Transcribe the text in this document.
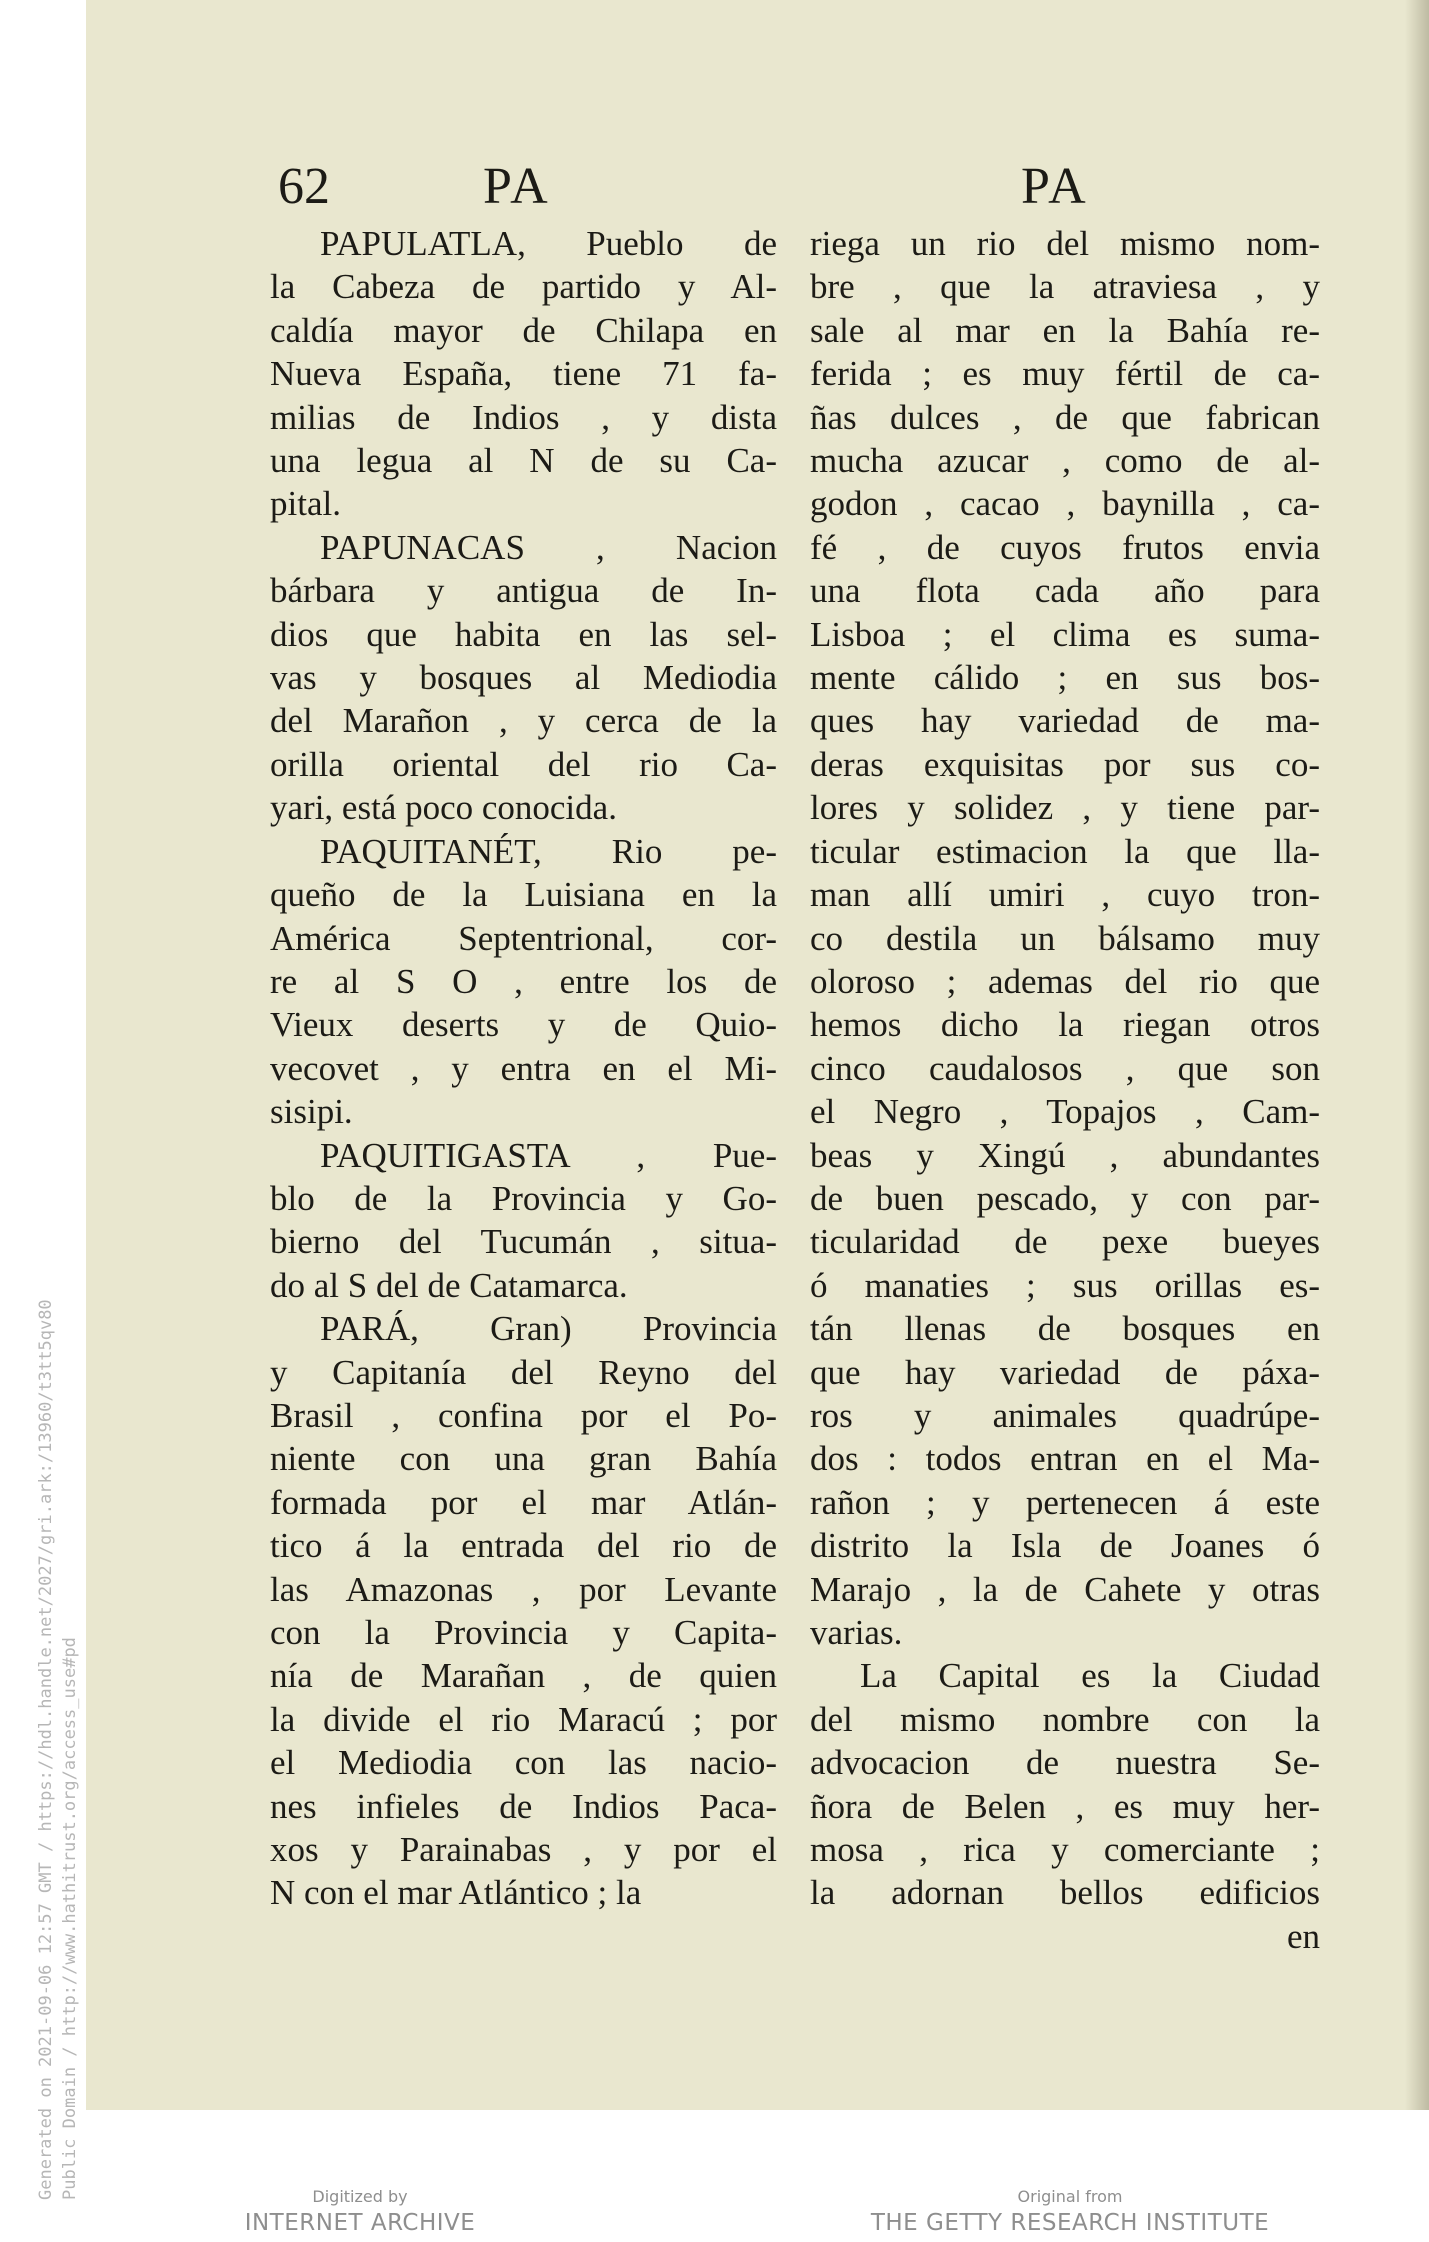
Generated on 2021-09-06 12:57 GMT / https://hdl.handle.net/2027/gri.ark:/13960/t3tt5qv80 Public Domain / http://www.hathitrust.org/access_use#pd
62	PA	PA
PAPULATLA, Pueblo de
la Cabeza de partido y Al-
caldía mayor de Chilapa en
Nueva España, tiene 71 fa-
milias de Indios , y dista
una legua al N de su Ca-
pital.
PAPUNACAS , Nacion
bárbara y antigua de In-
dios que habita en las sel-
vas y bosques al Mediodia
del Marañon , y cerca de la
orilla oriental del rio Ca-
yari, está poco conocida.
PAQUITANÉT, Rio pe-
queño de la Luisiana en la
América Septentrional, cor-
re al S O , entre los de
Vieux deserts y de Quio-
vecovet , y entra en el Mi-
sisipi.
PAQUITIGASTA , Pue-
blo de la Provincia y Go-
bierno del Tucumán , situa-
do al S del de Catamarca.
PARÁ, Gran) Provincia
y Capitanía del Reyno del
Brasil , confina por el Po-
niente con una gran Bahía
formada por el mar Atlán-
tico á la entrada del rio de
las Amazonas , por Levante
con la Provincia y Capita-
nía de Marañan , de quien
la divide el rio Maracú ; por
el Mediodia con las nacio-
nes infieles de Indios Paca-
xos y Parainabas , y por el
N con el mar Atlántico ; la
riega un rio del mismo nom-
bre , que la atraviesa , y
sale al mar en la Bahía re-
ferida ; es muy fértil de ca-
ñas dulces , de que fabrican
mucha azucar , como de al-
godon , cacao , baynilla , ca-
fé , de cuyos frutos envia
una flota cada año para
Lisboa ; el clima es suma-
mente cálido ; en sus bos-
ques hay variedad de ma-
deras exquisitas por sus co-
lores y solidez , y tiene par-
ticular estimacion la que lla-
man allí umiri , cuyo tron-
co destila un bálsamo muy
oloroso ; ademas del rio que
hemos dicho la riegan otros
cinco caudalosos , que son
el Negro , Topajos , Cam-
beas y Xingú , abundantes
de buen pescado, y con par-
ticularidad de pexe bueyes
ó manaties ; sus orillas es-
tán llenas de bosques en
que hay variedad de páxa-
ros y animales quadrúpe-
dos : todos entran en el Ma-
rañon ; y pertenecen á este
distrito la Isla de Joanes ó
Marajo , la de Cahete y otras
varias.
La Capital es la Ciudad
del mismo nombre con la
advocacion de nuestra Se-
ñora de Belen , es muy her-
mosa , rica y comerciante ;
la adornan bellos edificios
en
Digitized by
INTERNET ARCHIVE
Original from
THE GETTY RESEARCH INSTITUTE
